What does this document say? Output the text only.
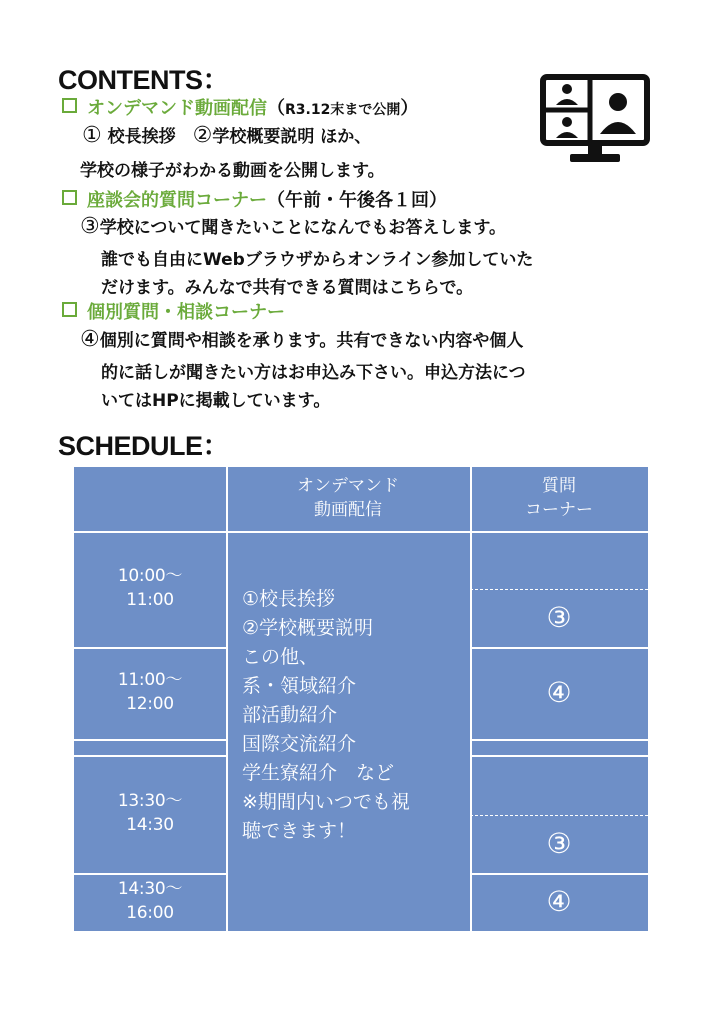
CONTENTS：
オンデマンド動画配信（R3.12末まで公開）
① 校長挨拶　②学校概要説明 ほか、
学校の様子がわかる動画を公開します。
座談会的質問コーナー（午前・午後各１回）
③学校について聞きたいことになんでもお答えします。
誰でも自由にWebブラウザからオンライン参加していた
だけます。みんなで共有できる質問はこちらで。
個別質問・相談コーナー
④個別に質問や相談を承ります。共有できない内容や個人
的に話しが聞きたい方はお申込み下さい。申込方法につ
いてはHPに掲載しています。
SCHEDULE：
オンデマンド
動画配信
質問
コーナー
10:00～
11:00
11:00～
12:00
13:30～
14:30
14:30～
16:00
①校長挨拶
②学校概要説明
この他、
系・領域紹介
部活動紹介
国際交流紹介
学生寮紹介　など
※期間内いつでも視
聴できます！
③
④
③
④
